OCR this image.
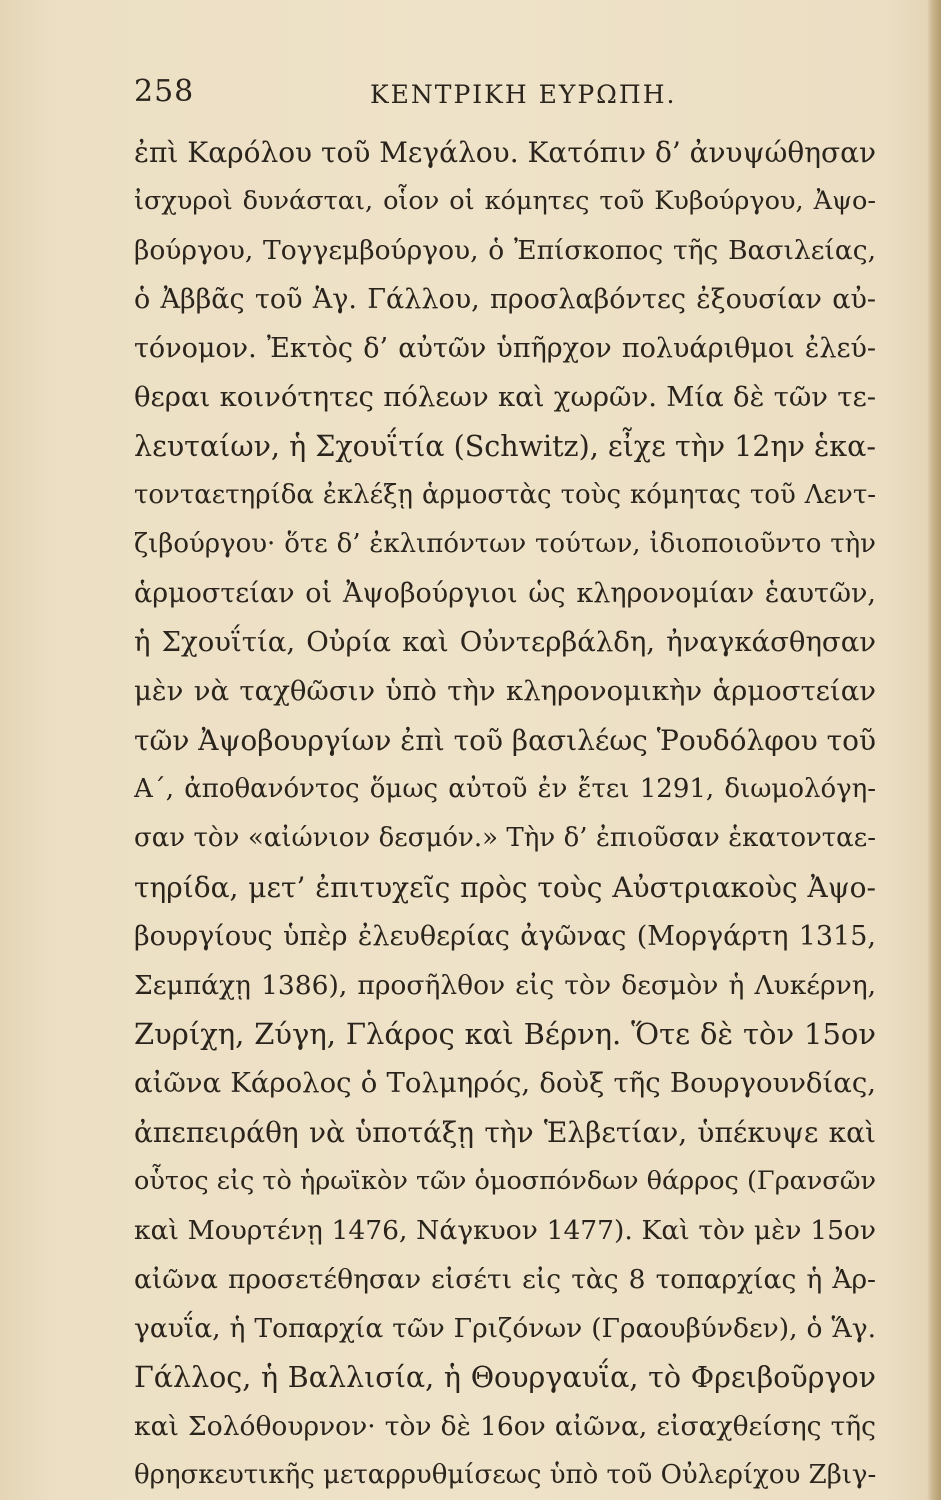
258	ΚΕΝΤΡΙΚΗ ΕΥΡΩΠΗ.
ἐπὶ Καρόλου τοῦ Μεγάλου. Κατόπιν δ’ ἀνυψώθησαν
ἰσχυροὶ δυνάσται, οἷον οἱ κόμητες τοῦ Κυβούργου, Ἀψο-
βούργου, Τογγεμβούργου, ὁ Ἐπίσκοπος τῆς Βασιλείας,
ὁ Ἀββᾶς τοῦ Ἁγ. Γάλλου, προσλαβόντες ἐξουσίαν αὐ-
τόνομον. Ἐκτὸς δ’ αὐτῶν ὑπῆρχον πολυάριθμοι ἐλεύ-
θεραι κοινότητες πόλεων καὶ χωρῶν. Μία δὲ τῶν τε-
λευταίων, ἡ Σχουΐτία (Schwitz), εἶχε τὴν 12ην ἑκα-
τονταετηρίδα ἐκλέξῃ ἁρμοστὰς τοὺς κόμητας τοῦ Λεντ-
ζιβούργου· ὅτε δ’ ἐκλιπόντων τούτων, ἰδιοποιοῦντο τὴν
ἁρμοστείαν οἱ Ἀψοβούργιοι ὡς κληρονομίαν ἑαυτῶν,
ἡ Σχουΐτία, Οὐρία καὶ Οὐντερβάλδη, ἠναγκάσθησαν
μὲν νὰ ταχθῶσιν ὑπὸ τὴν κληρονομικὴν ἁρμοστείαν
τῶν Ἀψοβουργίων ἐπὶ τοῦ βασιλέως Ῥουδόλφου τοῦ
Α΄, ἀποθανόντος ὅμως αὐτοῦ ἐν ἔτει 1291, διωμολόγη-
σαν τὸν «αἰώνιον δεσμόν.» Τὴν δ’ ἐπιοῦσαν ἑκατονταε-
τηρίδα, μετ’ ἐπιτυχεῖς πρὸς τοὺς Αὐστριακοὺς Ἀψο-
βουργίους ὑπὲρ ἐλευθερίας ἀγῶνας (Μοργάρτη 1315,
Σεμπάχῃ 1386), προσῆλθον εἰς τὸν δεσμὸν ἡ Λυκέρνη,
Ζυρίχη, Ζύγη, Γλάρος καὶ Βέρνη. Ὅτε δὲ τὸν 15ον
αἰῶνα Κάρολος ὁ Τολμηρός, δοὺξ τῆς Βουργουνδίας,
ἀπεπειράθη νὰ ὑποτάξῃ τὴν Ἑλβετίαν, ὑπέκυψε καὶ
οὗτος εἰς τὸ ἡρωϊκὸν τῶν ὁμοσπόνδων θάρρος (Γρανσῶν
καὶ Μουρτένῃ 1476, Νάγκυον 1477). Καὶ τὸν μὲν 15ον
αἰῶνα προσετέθησαν εἰσέτι εἰς τὰς 8 τοπαρχίας ἡ Ἀρ-
γαυΐα, ἡ Τοπαρχία τῶν Γριζόνων (Γραουβύνδεν), ὁ Ἅγ.
Γάλλος, ἡ Βαλλισία, ἡ Θουργαυΐα, τὸ Φρειβοῦργον
καὶ Σολόθουρνον· τὸν δὲ 16ον αἰῶνα, εἰσαχθείσης τῆς
θρησκευτικῆς μεταρρυθμίσεως ὑπὸ τοῦ Οὐλερίχου Ζβιγ-
